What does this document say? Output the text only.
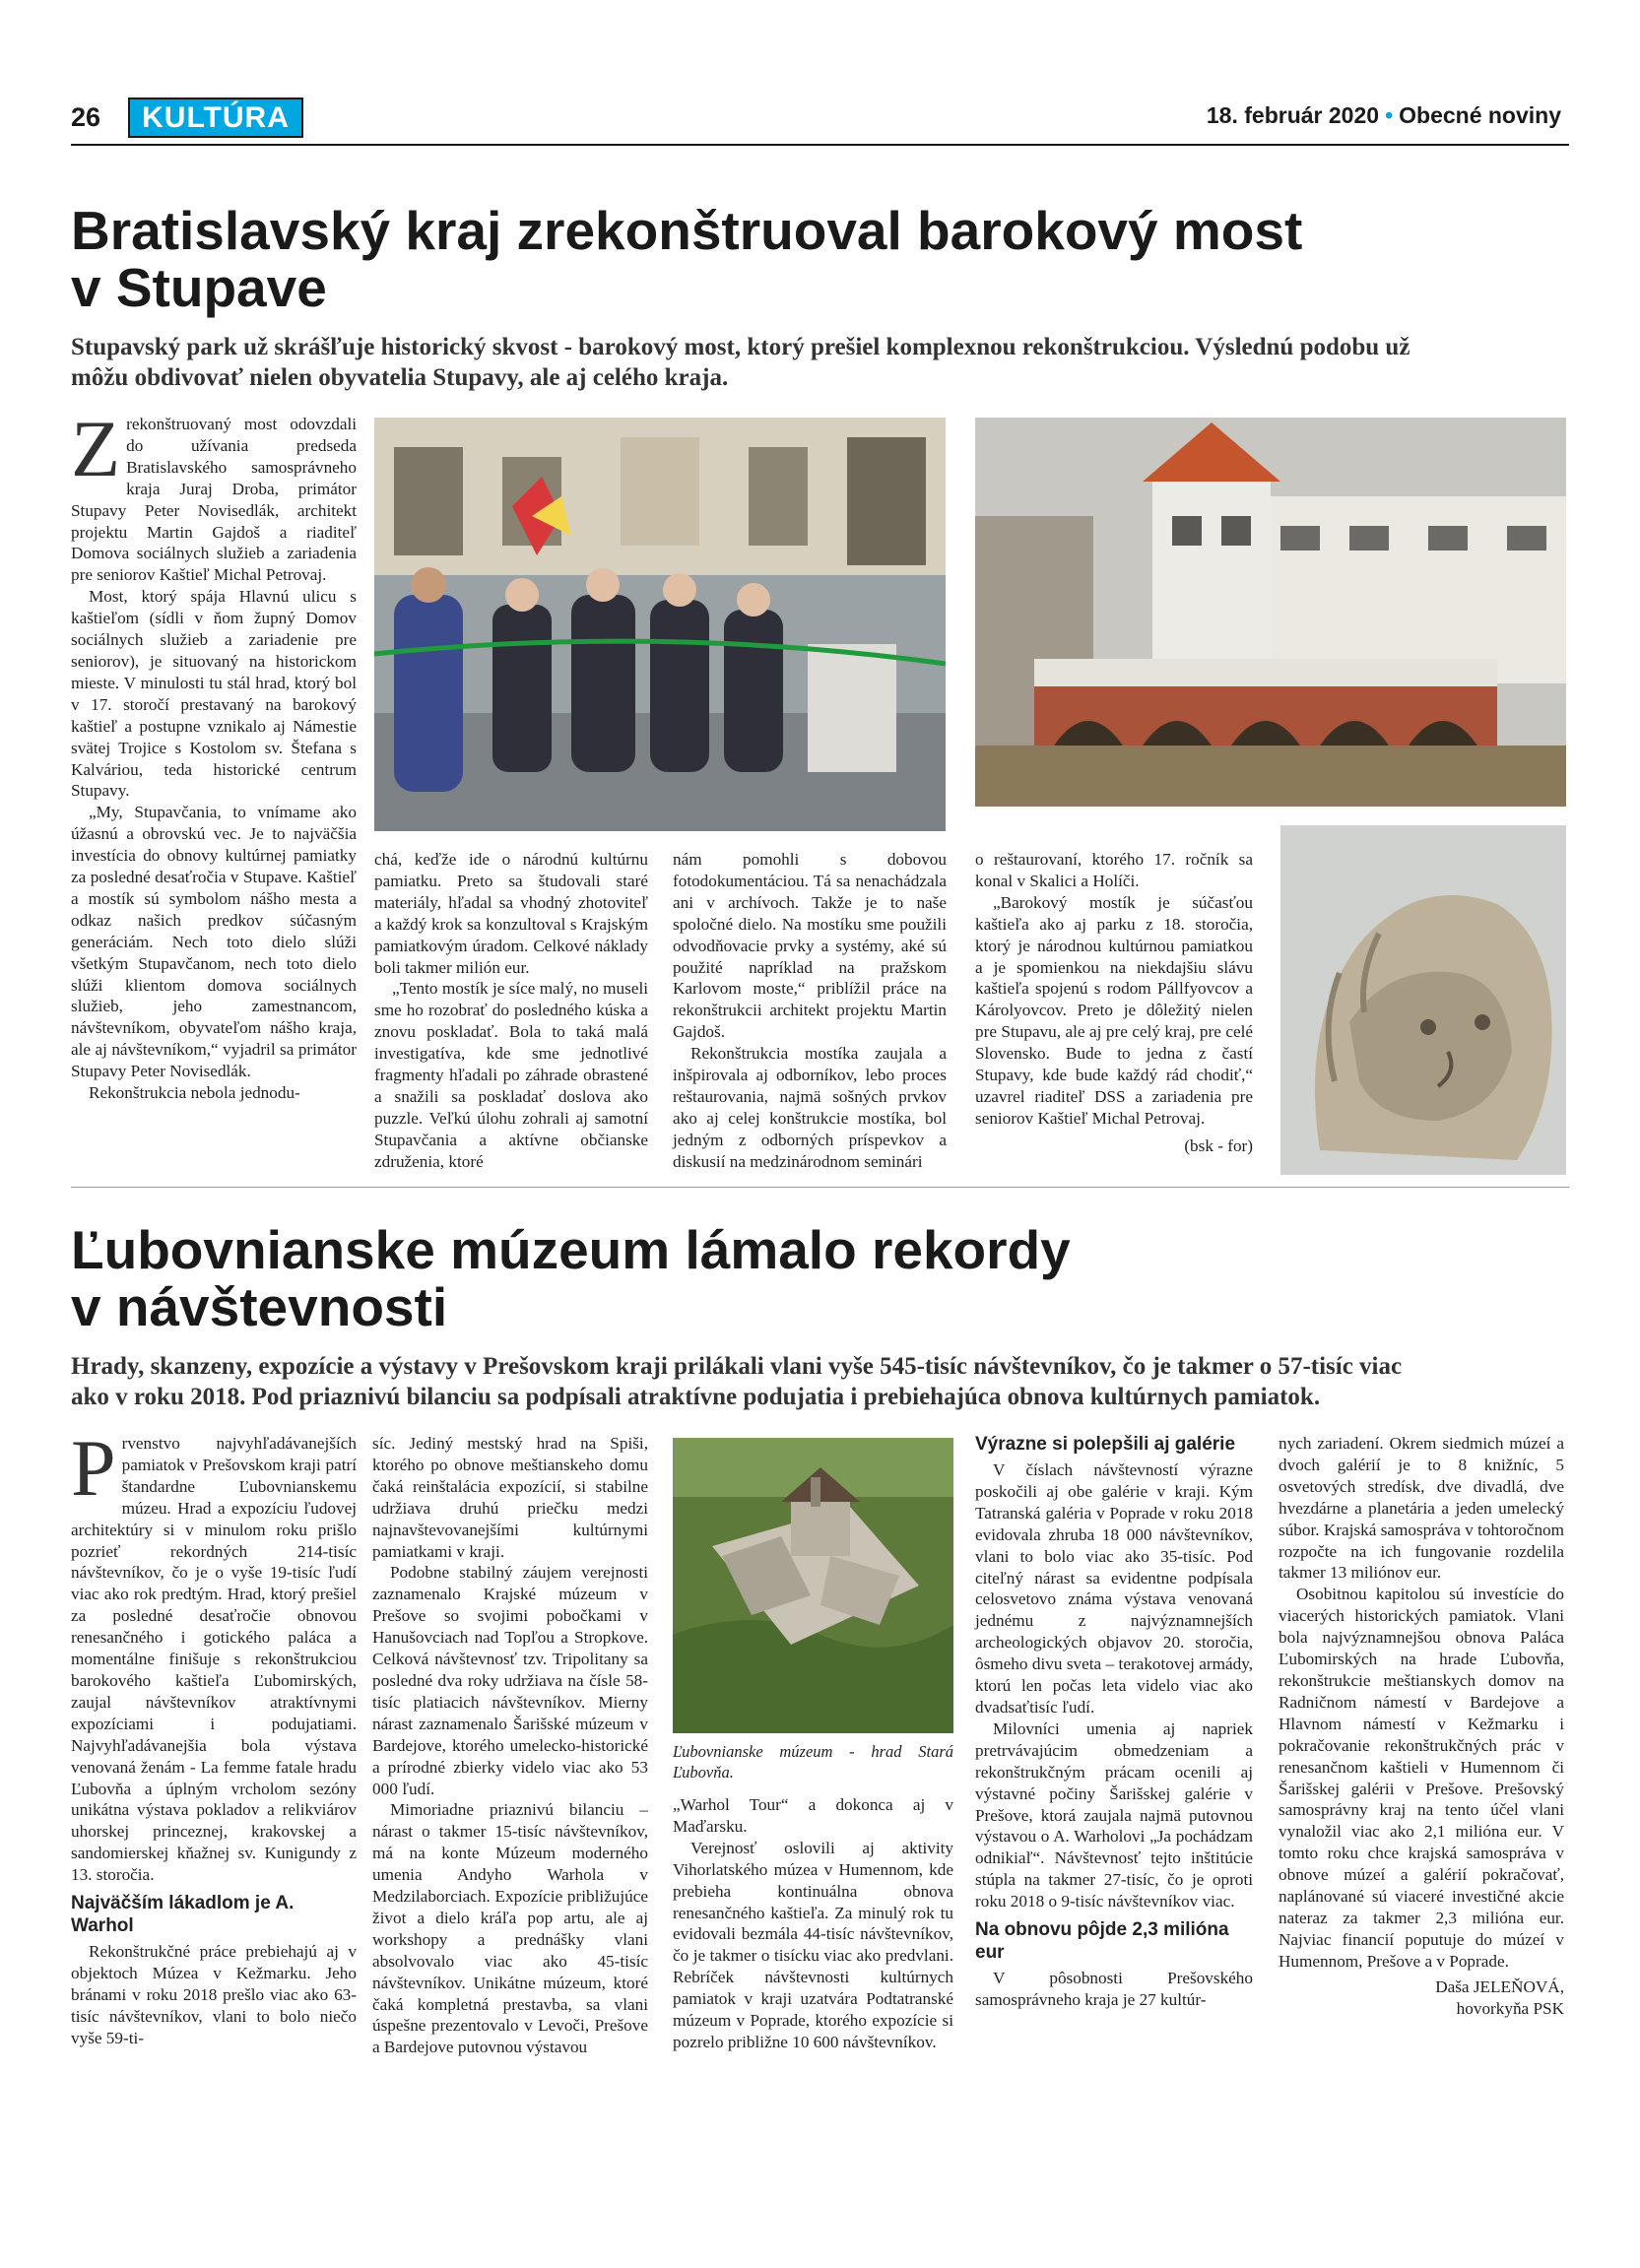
26	KULTÚRA	18. február 2020 • Obecné noviny
Bratislavský kraj zrekonštruoval barokový most
v Stupave
Stupavský park už skrášľuje historický skvost - barokový most, ktorý prešiel komplexnou rekonštrukciou. Výslednú podobu už
môžu obdivovať nielen obyvatelia Stupavy, ale aj celého kraja.

Zrekonštruovaný most odovzdali do užívania predseda Bratislavského samosprávneho kraja Juraj Droba, primátor Stupavy Peter Novisedlák, architekt projektu Martin Gajdoš a riaditeľ Domova sociálnych služieb a zariadenia pre seniorov Kaštieľ Michal Petrovaj.

Most, ktorý spája Hlavnú ulicu s kaštieľom (sídli v ňom župný Domov sociálnych služieb a zariadenie pre seniorov), je situovaný na historickom mieste. V minulosti tu stál hrad, ktorý bol v 17. storočí prestavaný na barokový kaštieľ a postupne vznikalo aj Námestie svätej Trojice s Kostolom sv. Štefana s Kalváriou, teda historické centrum Stupavy.

„My, Stupavčania, to vnímame ako úžasnú a obrovskú vec. Je to najväčšia investícia do obnovy kultúrnej pamiatky za posledné desaťročia v Stupave. Kaštieľ a mostík sú symbolom nášho mesta a odkaz našich predkov súčasným generáciám. Nech toto dielo slúži všetkým Stupavčanom, nech toto dielo slúži klientom domova sociálnych služieb, jeho zamestnancom, návštevníkom, obyvateľom nášho kraja, ale aj návštevníkom,“ vyjadril sa primátor Stupavy Peter Novisedlák.

Rekonštrukcia nebola jednodu-

chá, keďže ide o národnú kultúrnu pamiatku. Preto sa študovali staré materiály, hľadal sa vhodný zhotoviteľ a každý krok sa konzultoval s Krajským pamiatkovým úradom. Celkové náklady boli takmer milión eur.

„Tento mostík je síce malý, no museli sme ho rozobrať do posledného kúska a znovu poskladať. Bola to taká malá investigatíva, kde sme jednotlivé fragmenty hľadali po záhrade obrastené a snažili sa poskladať doslova ako puzzle. Veľkú úlohu zohrali aj samotní Stupavčania a aktívne občianske združenia, ktoré

nám pomohli s dobovou fotodokumentáciou. Tá sa nenachádzala ani v archívoch. Takže je to naše spoločné dielo. Na mostíku sme použili odvodňovacie prvky a systémy, aké sú použité napríklad na pražskom Karlovom moste,“ priblížil práce na rekonštrukcii architekt projektu Martin Gajdoš.

Rekonštrukcia mostíka zaujala a inšpirovala aj odborníkov, lebo proces reštaurovania, najmä sošných prvkov ako aj celej konštrukcie mostíka, bol jedným z odborných príspevkov a diskusií na medzinárodnom seminári

o reštaurovaní, ktorého 17. ročník sa konal v Skalici a Holíči.

„Barokový mostík je súčasťou kaštieľa ako aj parku z 18. storočia, ktorý je národnou kultúrnou pamiatkou a je spomienkou na niekdajšiu slávu kaštieľa spojenú s rodom Pállfyovcov a Károlyovcov. Preto je dôležitý nielen pre Stupavu, ale aj pre celý kraj, pre celé Slovensko. Bude to jedna z častí Stupavy, kde bude každý rád chodiť,“ uzavrel riaditeľ DSS a zariadenia pre seniorov Kaštieľ Michal Petrovaj.

(bsk - for)
Ľubovnianske múzeum lámalo rekordy
v návštevnosti
Hrady, skanzeny, expozície a výstavy v Prešovskom kraji prilákali vlani vyše 545-tisíc návštevníkov, čo je takmer o 57-tisíc viac
ako v roku 2018. Pod priaznivú bilanciu sa podpísali atraktívne podujatia i prebiehajúca obnova kultúrnych pamiatok.

Prvenstvo najvyhľadávanejších pamiatok v Prešovskom kraji patrí štandardne Ľubovnianskemu múzeu. Hrad a expozíciu ľudovej architektúry si v minulom roku prišlo pozrieť rekordných 214-tisíc návštevníkov, čo je o vyše 19-tisíc ľudí viac ako rok predtým. Hrad, ktorý prešiel za posledné desaťročie obnovou renesančného i gotického paláca a momentálne finišuje s rekonštrukciou barokového kaštieľa Ľubomirských, zaujal návštevníkov atraktívnymi expozíciami i podujatiami. Najvyhľadávanejšia bola výstava venovaná ženám - La femme fatale hradu Ľubovňa a úplným vrcholom sezóny unikátna výstava pokladov a relikviárov uhorskej princeznej, krakovskej a sandomierskej kňažnej sv. Kunigundy z 13. storočia.

Najväčším lákadlom je A. Warhol

Rekonštrukčné práce prebiehajú aj v objektoch Múzea v Kežmarku. Jeho bránami v roku 2018 prešlo viac ako 63-tisíc návštevníkov, vlani to bolo niečo vyše 59-ti-

síc. Jediný mestský hrad na Spiši, ktorého po obnove meštianskeho domu čaká reinštalácia expozícií, si stabilne udržiava druhú priečku medzi najnavštevovanejšími kultúrnymi pamiatkami v kraji.

Podobne stabilný záujem verejnosti zaznamenalo Krajské múzeum v Prešove so svojimi pobočkami v Hanušovciach nad Topľou a Stropkove. Celková návštevnosť tzv. Tripolitany sa posledné dva roky udržiava na čísle 58-tisíc platiacich návštevníkov. Mierny nárast zaznamenalo Šarišské múzeum v Bardejove, ktorého umelecko-historické a prírodné zbierky videlo viac ako 53 000 ľudí.

Mimoriadne priaznivú bilanciu – nárast o takmer 15-tisíc návštevníkov, má na konte Múzeum moderného umenia Andyho Warhola v Medzilaborciach. Expozície približujúce život a dielo kráľa pop artu, ale aj workshopy a prednášky vlani absolvovalo viac ako 45-tisíc návštevníkov. Unikátne múzeum, ktoré čaká kompletná prestavba, sa vlani úspešne prezentovalo v Levoči, Prešove a Bardejove putovnou výstavou

Ľubovnianske múzeum - hrad Stará Ľubovňa.

„Warhol Tour“ a dokonca aj v Maďarsku.

Verejnosť oslovili aj aktivity Vihorlatského múzea v Humennom, kde prebieha kontinuálna obnova renesančného kaštieľa. Za minulý rok tu evidovali bezmála 44-tisíc návštevníkov, čo je takmer o tisícku viac ako predvlani. Rebríček návštevnosti kultúrnych pamiatok v kraji uzatvára Podtatranské múzeum v Poprade, ktorého expozície si pozrelo približne 10 600 návštevníkov.

Výrazne si polepšili aj galérie

V číslach návštevností výrazne poskočili aj obe galérie v kraji. Kým Tatranská galéria v Poprade v roku 2018 evidovala zhruba 18 000 návštevníkov, vlani to bolo viac ako 35-tisíc. Pod citeľný nárast sa evidentne podpísala celosvetovo známa výstava venovaná jednému z najvýznamnejších archeologických objavov 20. storočia, ôsmeho divu sveta – terakotovej armády, ktorú len počas leta videlo viac ako dvadsaťtisíc ľudí.

Milovníci umenia aj napriek pretrvávajúcim obmedzeniam a rekonštrukčným prácam ocenili aj výstavné počiny Šarišskej galérie v Prešove, ktorá zaujala najmä putovnou výstavou o A. Warholovi „Ja pochádzam odnikiaľ“. Návštevnosť tejto inštitúcie stúpla na takmer 27-tisíc, čo je oproti roku 2018 o 9-tisíc návštevníkov viac.

Na obnovu pôjde 2,3 milióna eur

V pôsobnosti Prešovského samosprávneho kraja je 27 kultúr-

nych zariadení. Okrem siedmich múzeí a dvoch galérií je to 8 knižníc, 5 osvetových stredísk, dve divadlá, dve hvezdárne a planetária a jeden umelecký súbor. Krajská samospráva v tohtoročnom rozpočte na ich fungovanie rozdelila takmer 13 miliónov eur.

Osobitnou kapitolou sú investície do viacerých historických pamiatok. Vlani bola najvýznamnejšou obnova Paláca Ľubomirských na hrade Ľubovňa, rekonštrukcie meštianskych domov na Radničnom námestí v Bardejove a Hlavnom námestí v Kežmarku i pokračovanie rekonštrukčných prác v renesančnom kaštieli v Humennom či Šarišskej galérii v Prešove. Prešovský samosprávny kraj na tento účel vlani vynaložil viac ako 2,1 milióna eur. V tomto roku chce krajská samospráva v obnove múzeí a galérií pokračovať, naplánované sú viaceré investičné akcie nateraz za takmer 2,3 milióna eur. Najviac financií poputuje do múzeí v Humennom, Prešove a v Poprade.

Daša JELEŇOVÁ,
hovorkyňa PSK
